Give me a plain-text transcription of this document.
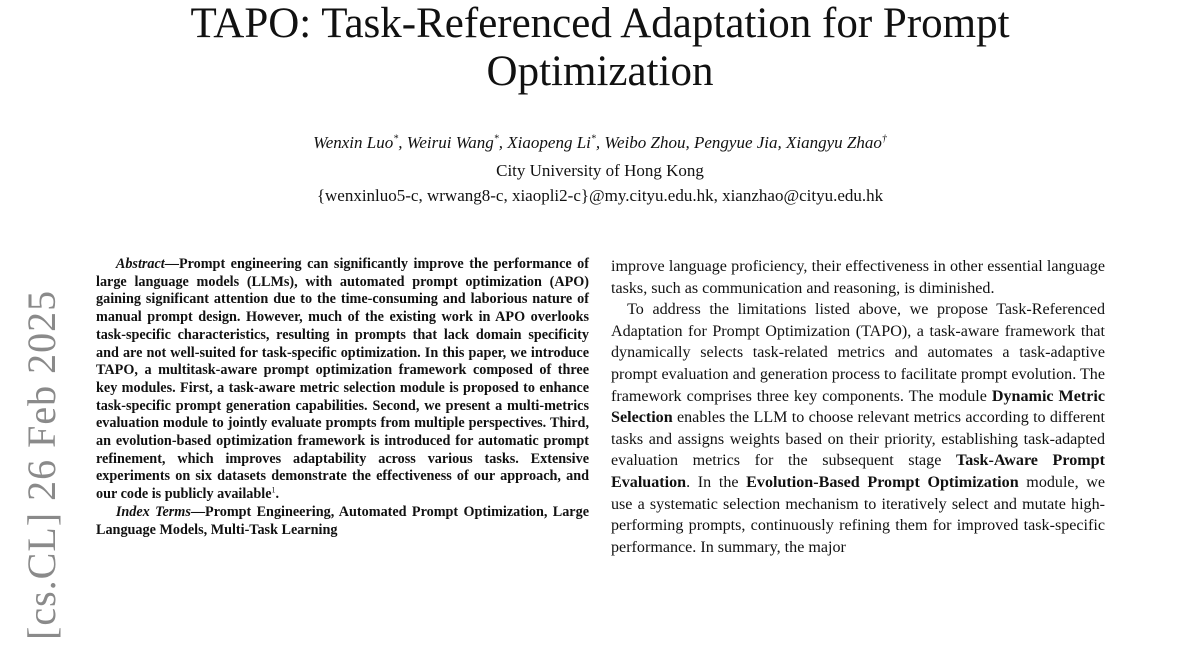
TAPO: Task-Referenced Adaptation for Prompt Optimization
Wenxin Luo*, Weirui Wang*, Xiaopeng Li*, Weibo Zhou, Pengyue Jia, Xiangyu Zhao†
City University of Hong Kong
{wenxinluo5-c, wrwang8-c, xiaopli2-c}@my.cityu.edu.hk, xianzhao@cityu.edu.hk
[cs.CL] 26 Feb 2025

Abstract—Prompt engineering can significantly improve the performance of large language models (LLMs), with automated prompt optimization (APO) gaining significant attention due to the time-consuming and laborious nature of manual prompt design. However, much of the existing work in APO overlooks task-specific characteristics, resulting in prompts that lack domain specificity and are not well-suited for task-specific optimization. In this paper, we introduce TAPO, a multitask-aware prompt optimization framework composed of three key modules. First, a task-aware metric selection module is proposed to enhance task-specific prompt generation capabilities. Second, we present a multi-metrics evaluation module to jointly evaluate prompts from multiple perspectives. Third, an evolution-based optimization framework is introduced for automatic prompt refinement, which improves adaptability across various tasks. Extensive experiments on six datasets demonstrate the effectiveness of our approach, and our code is publicly available$^1$.

Index Terms—Prompt Engineering, Automated Prompt Optimization, Large Language Models, Multi-Task Learning

improve language proficiency, their effectiveness in other essential language tasks, such as communication and reasoning, is diminished.

To address the limitations listed above, we propose Task-Referenced Adaptation for Prompt Optimization (TAPO), a task-aware framework that dynamically selects task-related metrics and automates a task-adaptive prompt evaluation and generation process to facilitate prompt evolution. The framework comprises three key components. The module Dynamic Metric Selection enables the LLM to choose relevant metrics according to different tasks and assigns weights based on their priority, establishing task-adapted evaluation metrics for the subsequent stage Task-Aware Prompt Evaluation. In the Evolution-Based Prompt Optimization module, we use a systematic selection mechanism to iteratively select and mutate high-performing prompts, continuously refining them for improved task-specific performance. In summary, the major
